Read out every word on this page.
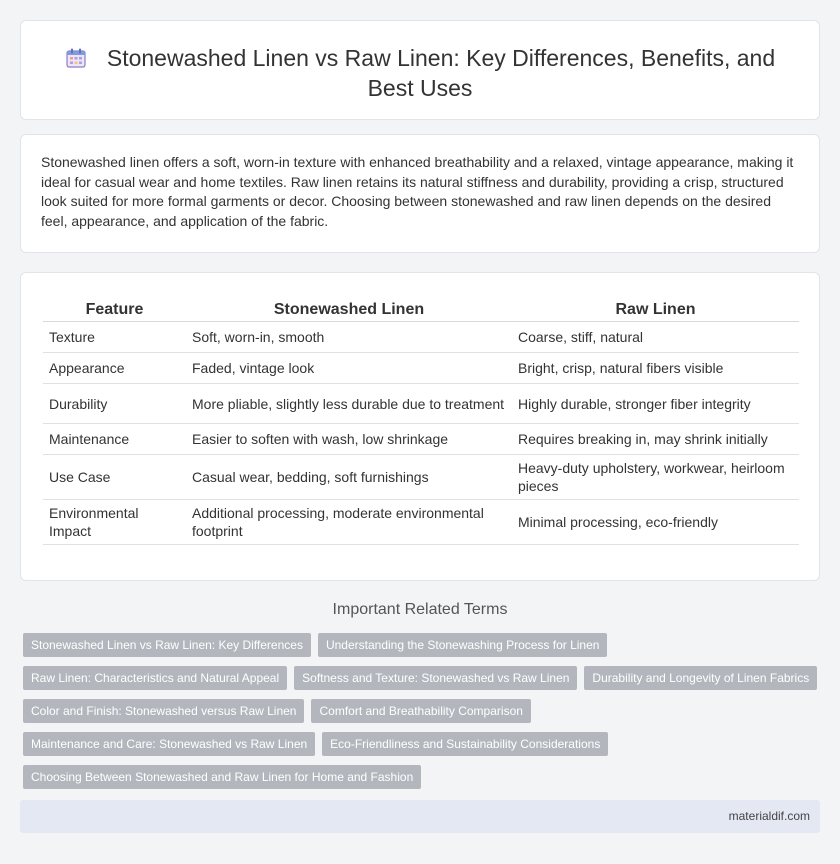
Stonewashed Linen vs Raw Linen: Key Differences, Benefits, and Best Uses

Stonewashed linen offers a soft, worn-in texture with enhanced breathability and a relaxed, vintage appearance, making it ideal for casual wear and home textiles. Raw linen retains its natural stiffness and durability, providing a crisp, structured look suited for more formal garments or decor. Choosing between stonewashed and raw linen depends on the desired feel, appearance, and application of the fabric.

Feature	Stonewashed Linen	Raw Linen
Texture	Soft, worn-in, smooth	Coarse, stiff, natural
Appearance	Faded, vintage look	Bright, crisp, natural fibers visible
Durability	More pliable, slightly less durable due to treatment	Highly durable, stronger fiber integrity
Maintenance	Easier to soften with wash, low shrinkage	Requires breaking in, may shrink initially
Use Case	Casual wear, bedding, soft furnishings	Heavy-duty upholstery, workwear, heirloom pieces
Environmental Impact	Additional processing, moderate environmental footprint	Minimal processing, eco-friendly
Important Related Terms
Stonewashed Linen vs Raw Linen: Key Differences	Understanding the Stonewashing Process for Linen
Raw Linen: Characteristics and Natural Appeal	Softness and Texture: Stonewashed vs Raw Linen	Durability and Longevity of Linen Fabrics
Color and Finish: Stonewashed versus Raw Linen	Comfort and Breathability Comparison
Maintenance and Care: Stonewashed vs Raw Linen	Eco-Friendliness and Sustainability Considerations
Choosing Between Stonewashed and Raw Linen for Home and Fashion
materialdif.com
